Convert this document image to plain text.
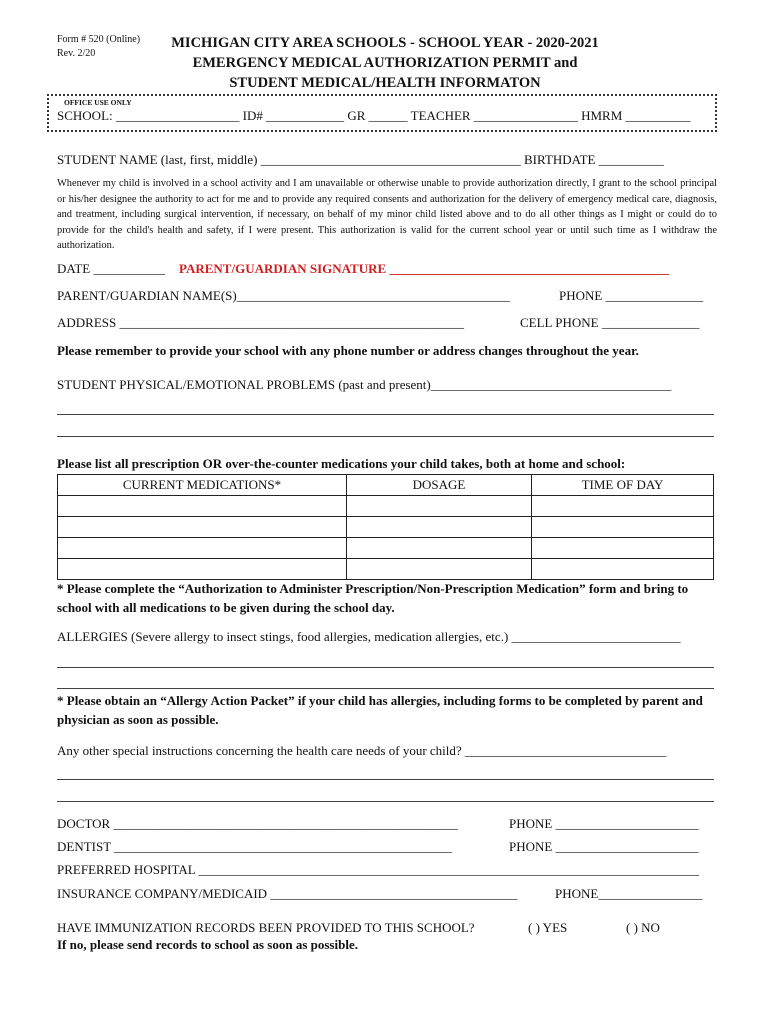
Form # 520 (Online)
Rev. 2/20
MICHIGAN CITY AREA SCHOOLS - SCHOOL YEAR - 2020-2021
EMERGENCY MEDICAL AUTHORIZATION PERMIT and
STUDENT MEDICAL/HEALTH INFORMATON
OFFICE USE ONLY
SCHOOL: ___________________ ID# ____________ GR ______ TEACHER ________________ HMRM __________
STUDENT NAME (last, first, middle) ________________________________________ BIRTHDATE __________
Whenever my child is involved in a school activity and I am unavailable or otherwise unable to provide authorization directly, I grant to the school principal or his/her designee the authority to act for me and to provide any required consents and authorization for the delivery of emergency medical care, diagnosis, and treatment, including surgical intervention, if necessary, on behalf of my minor child listed above and to do all other things as I might or could do to provide for the child's health and safety, if I were present. This authorization is valid for the current school year or until such time as I withdraw the authorization.
DATE ___________ PARENT/GUARDIAN SIGNATURE ___________________________________________
PARENT/GUARDIAN NAME(S)__________________________________________	PHONE _______________
ADDRESS _____________________________________________________	CELL PHONE _______________
Please remember to provide your school with any phone number or address changes throughout the year.
STUDENT PHYSICAL/EMOTIONAL PROBLEMS (past and present)_____________________________________
Please list all prescription OR over-the-counter medications your child takes, both at home and school:
CURRENT MEDICATIONS*	DOSAGE	TIME OF DAY

* Please complete the “Authorization to Administer Prescription/Non-Prescription Medication” form and bring to school with all medications to be given during the school day.
ALLERGIES (Severe allergy to insect stings, food allergies, medication allergies, etc.) __________________________
* Please obtain an “Allergy Action Packet” if your child has allergies, including forms to be completed by parent and physician as soon as possible.
Any other special instructions concerning the health care needs of your child? _______________________________
DOCTOR _____________________________________________________	PHONE ______________________
DENTIST ____________________________________________________	PHONE ______________________
PREFERRED HOSPITAL _____________________________________________________________________________
INSURANCE COMPANY/MEDICAID ______________________________________	PHONE________________
HAVE IMMUNIZATION RECORDS BEEN PROVIDED TO THIS SCHOOL?	( ) YES	( ) NO
If no, please send records to school as soon as possible.
